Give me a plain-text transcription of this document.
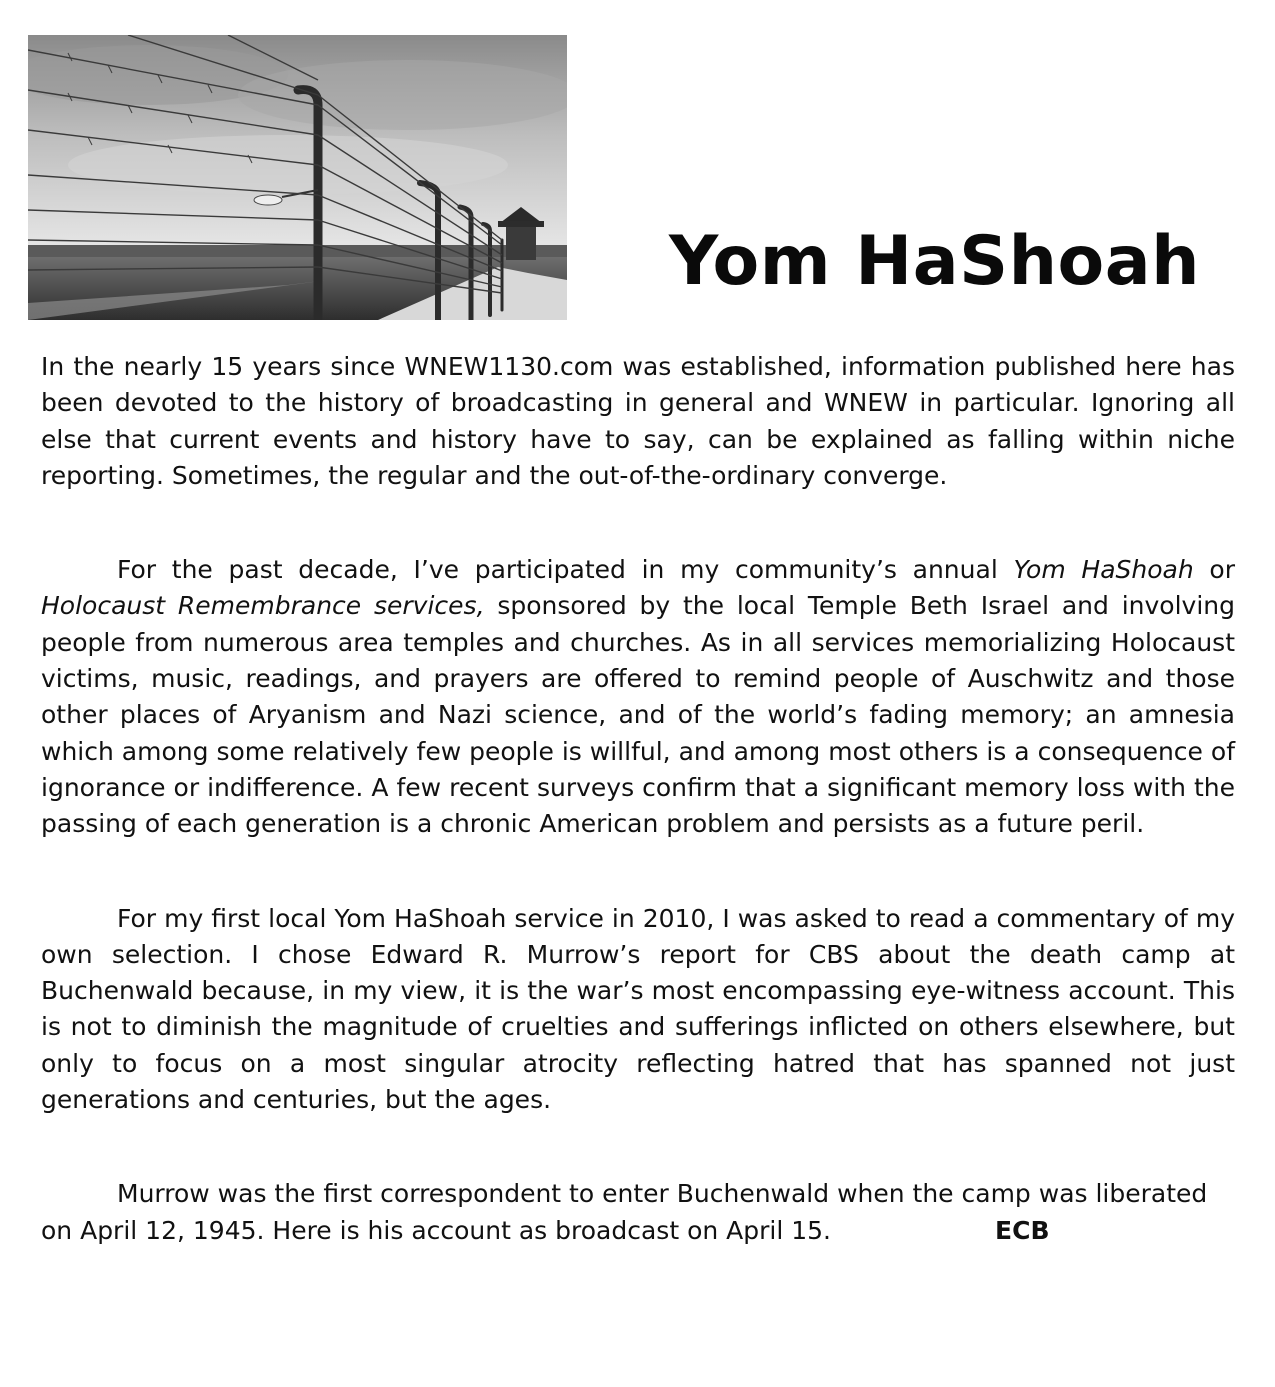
Yom HaShoah

In the nearly 15 years since WNEW1130.com was established, information published here has been devoted to the history of broadcasting in general and WNEW in particular. Ignoring all else that current events and history have to say, can be explained as falling within niche reporting. Sometimes, the regular and the out-of-the-ordinary converge.

For the past decade, I’ve participated in my community’s annual Yom HaShoah or Holocaust Remembrance services, sponsored by the local Temple Beth Israel and involving people from numerous area temples and churches. As in all services memorializing Holocaust victims, music, readings, and prayers are offered to remind people of Auschwitz and those other places of Aryanism and Nazi science, and of the world’s fading memory; an amnesia which among some relatively few people is willful, and among most others is a consequence of ignorance or indifference. A few recent surveys confirm that a significant memory loss with the passing of each generation is a chronic American problem and persists as a future peril.

For my first local Yom HaShoah service in 2010, I was asked to read a commentary of my own selection. I chose Edward R. Murrow’s report for CBS about the death camp at Buchenwald because, in my view, it is the war’s most encompassing eye-witness account. This is not to diminish the magnitude of cruelties and sufferings inflicted on others elsewhere, but only to focus on a most singular atrocity reflecting hatred that has spanned not just generations and centuries, but the ages.

Murrow was the first correspondent to enter Buchenwald when the camp was liberated on April 12, 1945. Here is his account as broadcast on April 15.	ECB
